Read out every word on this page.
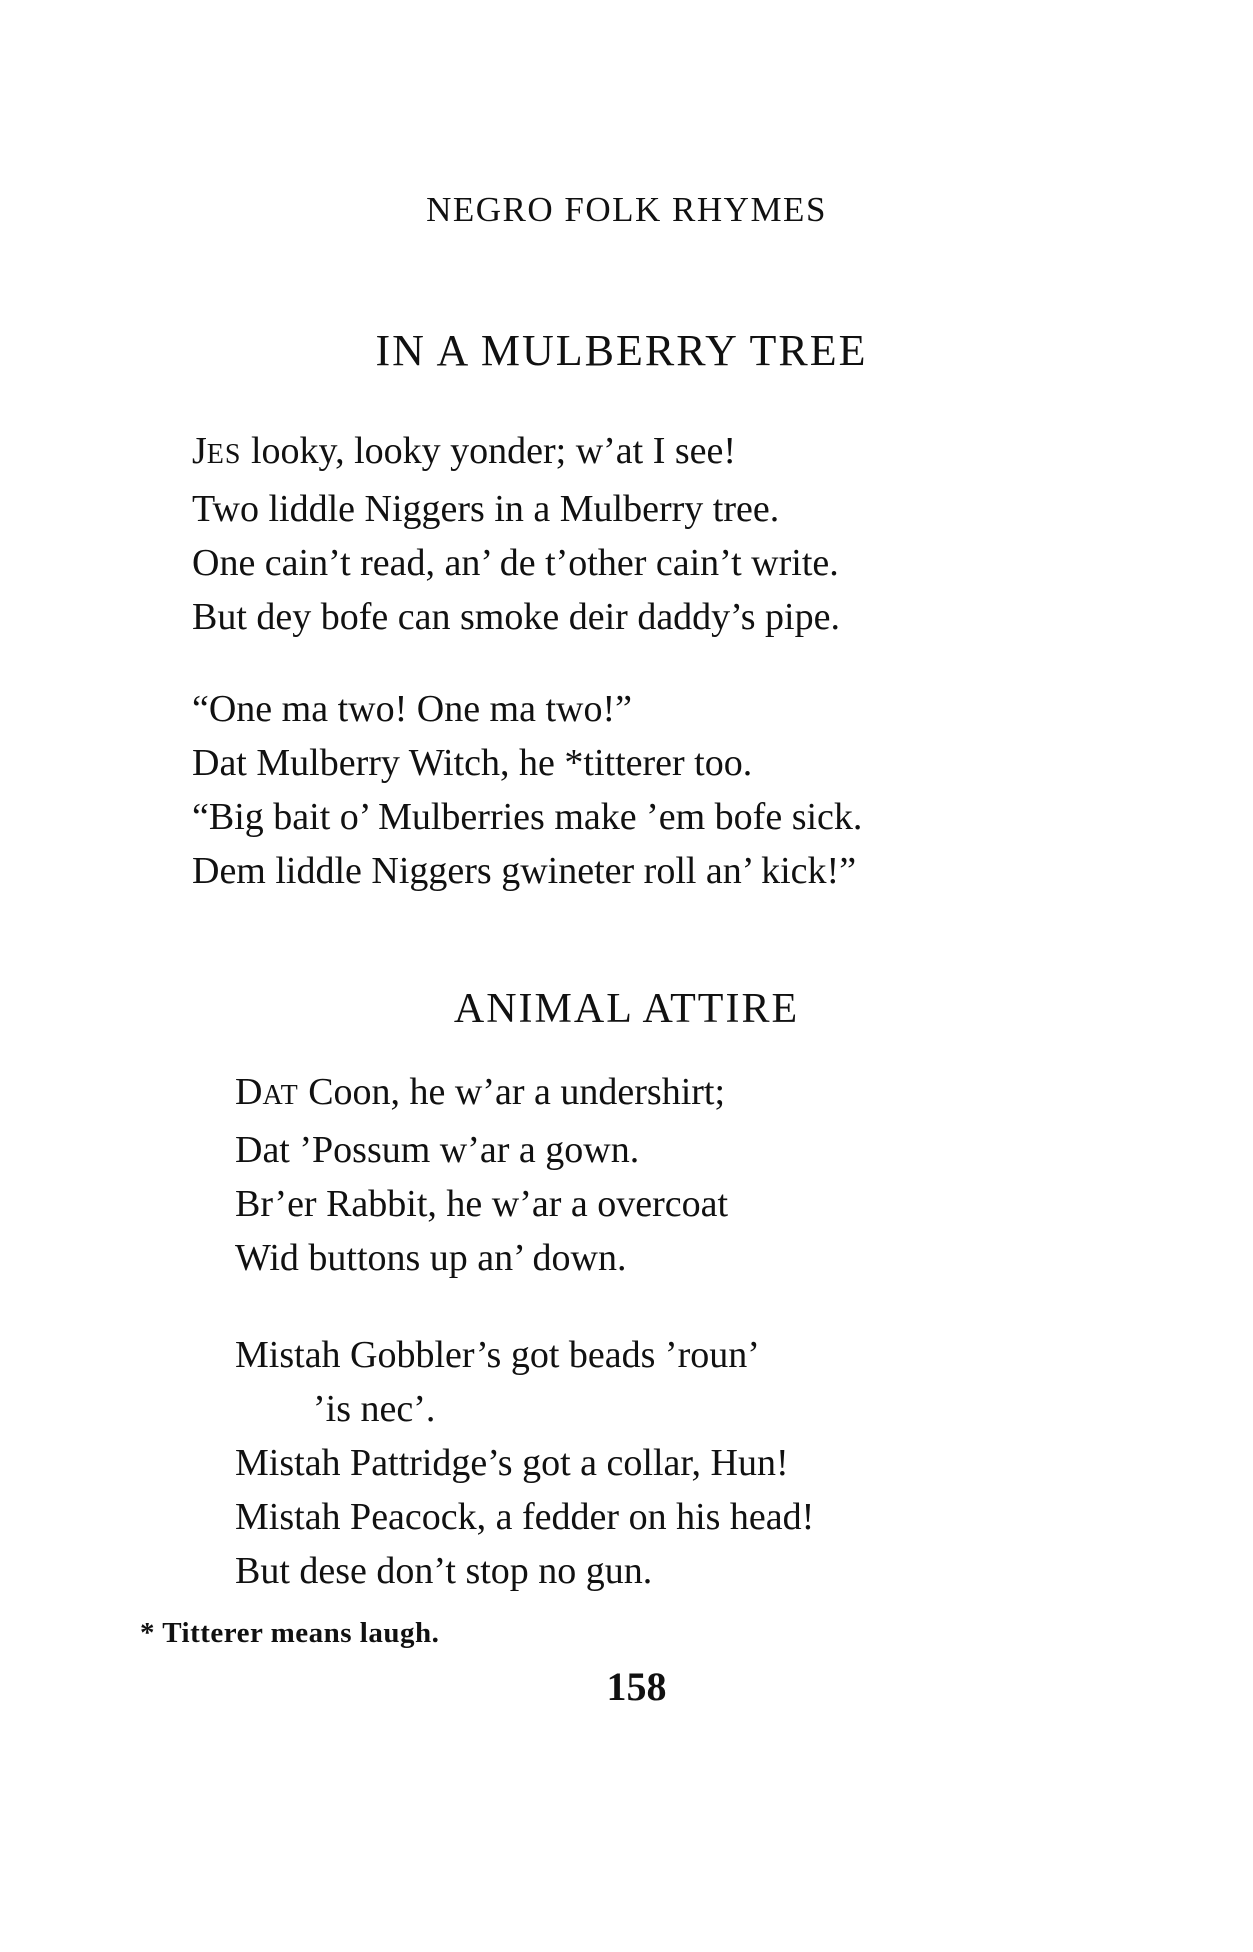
NEGRO FOLK RHYMES
IN A MULBERRY TREE
JES looky, looky yonder; w’at I see!
Two liddle Niggers in a Mulberry tree.
One cain’t read, an’ de t’other cain’t write.
But dey bofe can smoke deir daddy’s pipe.
“One ma two! One ma two!”
Dat Mulberry Witch, he *titterer too.
“Big bait o’ Mulberries make ’em bofe sick.
Dem liddle Niggers gwineter roll an’ kick!”
ANIMAL ATTIRE
DAT Coon, he w’ar a undershirt;
Dat ’Possum w’ar a gown.
Br’er Rabbit, he w’ar a overcoat
Wid buttons up an’ down.
Mistah Gobbler’s got beads ’roun’
’is nec’.
Mistah Pattridge’s got a collar, Hun!
Mistah Peacock, a fedder on his head!
But dese don’t stop no gun.
* Titterer means laugh.
158
